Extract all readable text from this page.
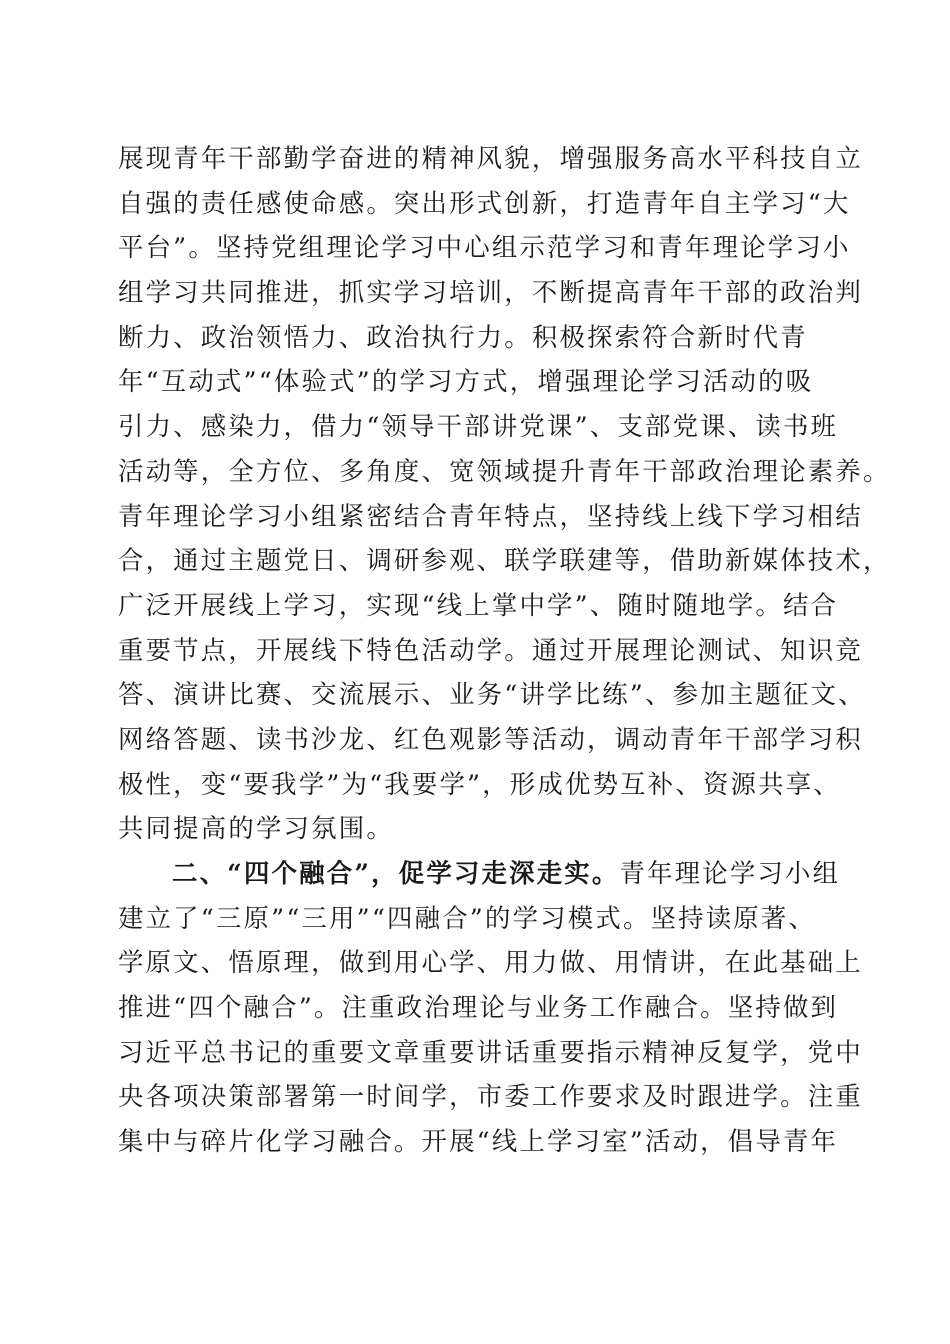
展现青年干部勤学奋进的精神风貌，增强服务高水平科技自立
自强的责任感使命感。突出形式创新，打造青年自主学习“大
平台”。坚持党组理论学习中心组示范学习和青年理论学习小
组学习共同推进，抓实学习培训，不断提高青年干部的政治判
断力、政治领悟力、政治执行力。积极探索符合新时代青
年“互动式”“体验式”的学习方式，增强理论学习活动的吸
引力、感染力，借力“领导干部讲党课”、支部党课、读书班
活动等，全方位、多角度、宽领域提升青年干部政治理论素养。
青年理论学习小组紧密结合青年特点，坚持线上线下学习相结
合，通过主题党日、调研参观、联学联建等，借助新媒体技术，
广泛开展线上学习，实现“线上掌中学”、随时随地学。结合
重要节点，开展线下特色活动学。通过开展理论测试、知识竞
答、演讲比赛、交流展示、业务“讲学比练”、参加主题征文、
网络答题、读书沙龙、红色观影等活动，调动青年干部学习积
极性，变“要我学”为“我要学”，形成优势互补、资源共享、
共同提高的学习氛围。
二、“四个融合”，促学习走深走实。青年理论学习小组
建立了“三原”“三用”“四融合”的学习模式。坚持读原著、
学原文、悟原理，做到用心学、用力做、用情讲，在此基础上
推进“四个融合”。注重政治理论与业务工作融合。坚持做到
习近平总书记的重要文章重要讲话重要指示精神反复学，党中
央各项决策部署第一时间学，市委工作要求及时跟进学。注重
集中与碎片化学习融合。开展“线上学习室”活动，倡导青年
